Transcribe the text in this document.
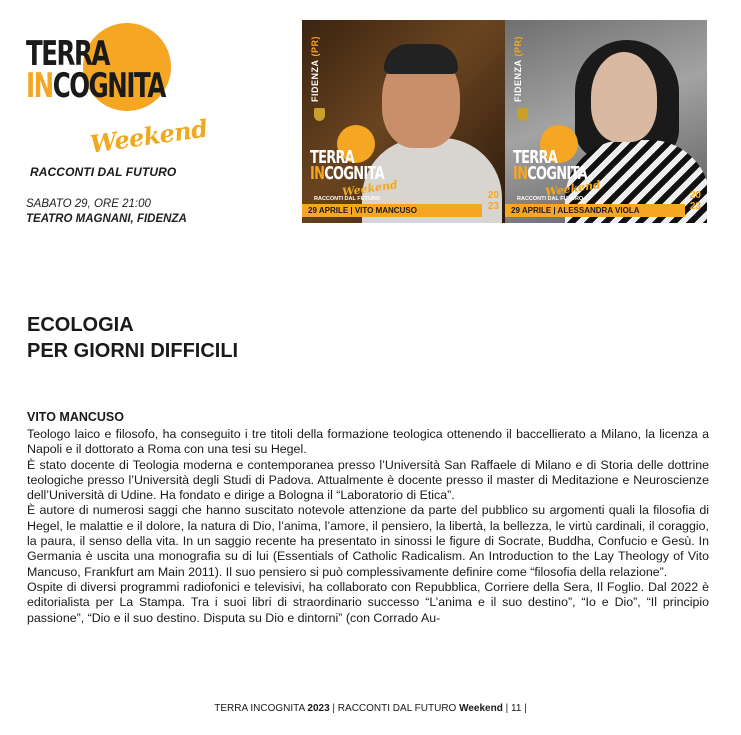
TERRA
INCOGNITA
Weekend
RACCONTI DAL FUTURO
SABATO 29, ORE 21:00
TEATRO MAGNANI, FIDENZA
FIDENZA (PR)
TERRA
INCOGNITA
Weekend
RACCONTI DAL FUTURO	20
23
29 APRILE | VITO MANCUSO
FIDENZA (PR)
TERRA
INCOGNITA
Weekend
RACCONTI DAL FUTURO	20
23
29 APRILE | ALESSANDRA VIOLA
ECOLOGIA
PER GIORNI DIFFICILI
VITO MANCUSO

Teologo laico e filosofo, ha conseguito i tre titoli della formazione teologica ottenendo il baccellierato a Milano, la licenza a Napoli e il dottorato a Roma con una tesi su Hegel.

È stato docente di Teologia moderna e contemporanea presso l’Università San Raffaele di Milano e di Storia delle dottrine teologiche presso l’Università degli Studi di Padova. Attualmente è docente presso il master di Meditazione e Neuroscienze dell’Università di Udine. Ha fondato e dirige a Bologna il “Laboratorio di Etica”.

È autore di numerosi saggi che hanno suscitato notevole attenzione da parte del pubblico su argomenti quali la filosofia di Hegel, le malattie e il dolore, la natura di Dio, l’anima, l’amore, il pensiero, la libertà, la bellezza, le virtù cardinali, il coraggio, la paura, il senso della vita. In un saggio recente ha presentato in sinossi le figure di Socrate, Buddha, Confucio e Gesù. In Germania è uscita una monografia su di lui (Essentials of Catholic Radicalism. An Introduction to the Lay Theology of Vito Mancuso, Frankfurt am Main 2011). Il suo pensiero si può complessivamente definire come “filosofia della relazione”.

Ospite di diversi programmi radiofonici e televisivi, ha collaborato con Repubblica, Corriere della Sera, Il Foglio. Dal 2022 è editorialista per La Stampa. Tra i suoi libri di straordinario successo “L’anima e il suo destino”, “Io e Dio”, “Il principio passione”, “Dio e il suo destino. Disputa su Dio e dintorni” (con Corrado Au-

TERRA INCOGNITA 2023 | RACCONTI DAL FUTURO Weekend | 11 |
